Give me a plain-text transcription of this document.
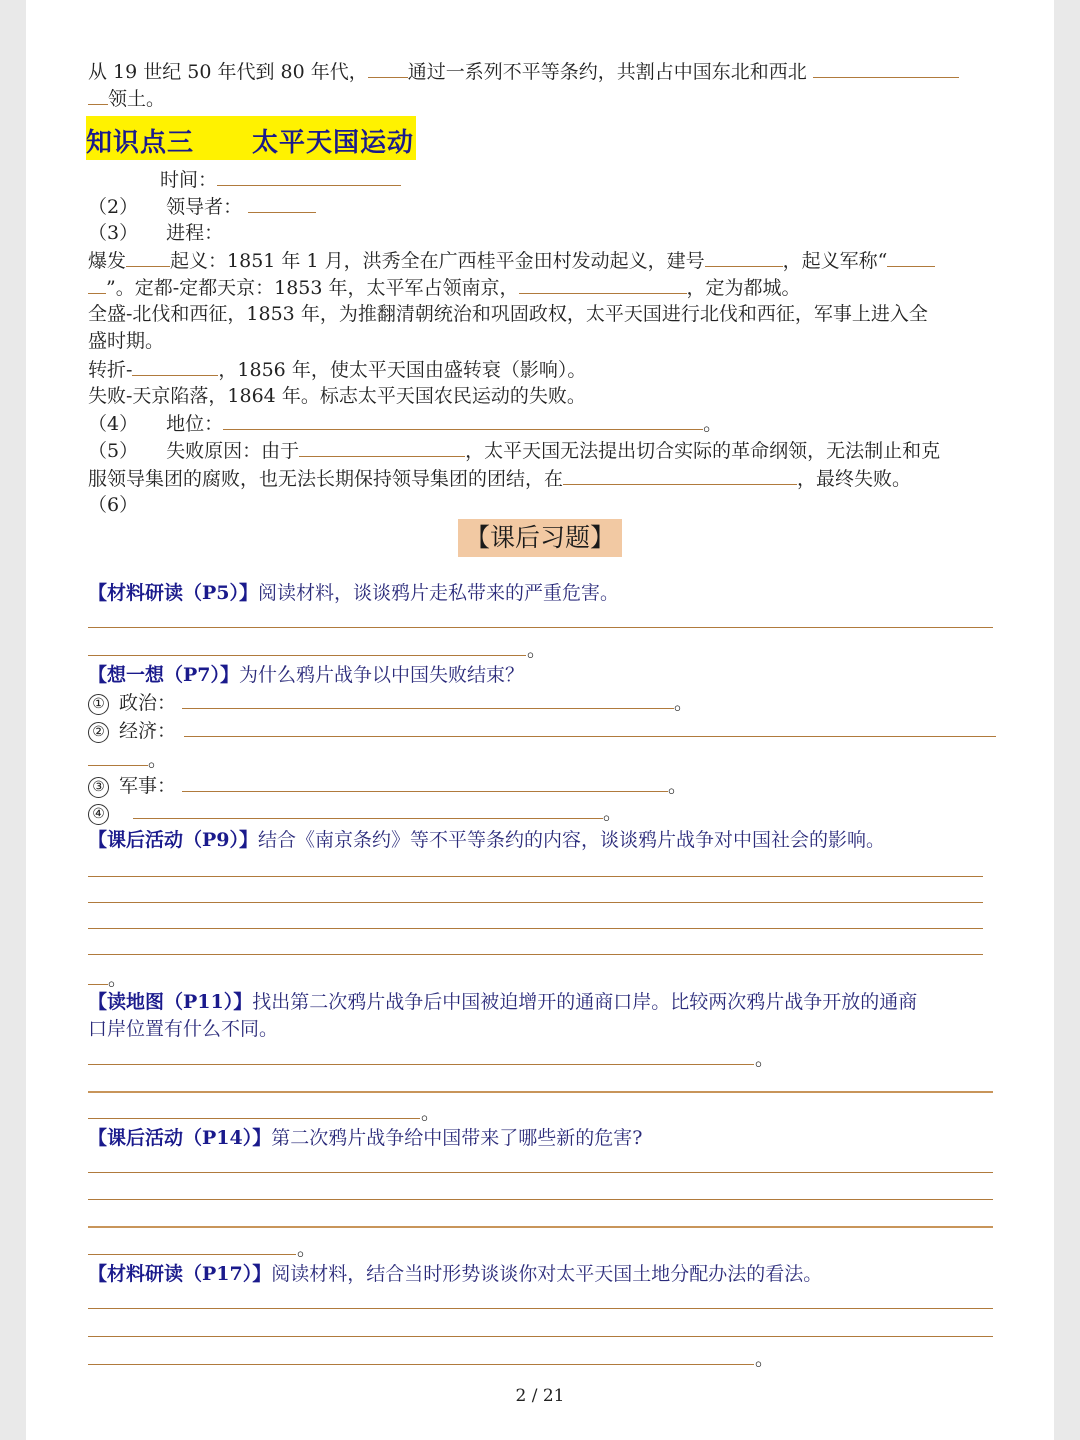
从 19 世纪 50 年代到 80 年代， 通过一系列不平等条约，共割占中国东北和西北
领土。
知识点三 太平天国运动
时间：
（2） 领导者：
（3） 进程：
爆发 起义：1851 年 1 月，洪秀全在广西桂平金田村发动起义，建号	，起义军称“
”。定都-定都天京：1853 年，太平军占领南京，	，定为都城。
全盛-北伐和西征，1853 年，为推翻清朝统治和巩固政权，太平天国进行北伐和西征，军事上进入全
盛时期。
转折-	，1856 年，使太平天国由盛转衰（影响）。
失败-天京陷落，1864 年。标志太平天国农民运动的失败。
（4） 地位：	。
（5） 失败原因：由于	，太平天国无法提出切合实际的革命纲领，无法制止和克
服领导集团的腐败，也无法长期保持领导集团的团结，在	，最终失败。
（6）
【课后习题】
【材料研读（P5）】阅读材料，谈谈鸦片走私带来的严重危害。
。
【想一想（P7）】为什么鸦片战争以中国失败结束？
① 政治：	。
② 经济：
。
③ 军事：	。
④	。
【课后活动（P9）】结合《南京条约》等不平等条约的内容，谈谈鸦片战争对中国社会的影响。
。
【读地图（P11）】找出第二次鸦片战争后中国被迫增开的通商口岸。比较两次鸦片战争开放的通商
口岸位置有什么不同。
。
。
【课后活动（P14）】第二次鸦片战争给中国带来了哪些新的危害?
。
【材料研读（P17）】阅读材料，结合当时形势谈谈你对太平天国土地分配办法的看法。
。
2 / 21
